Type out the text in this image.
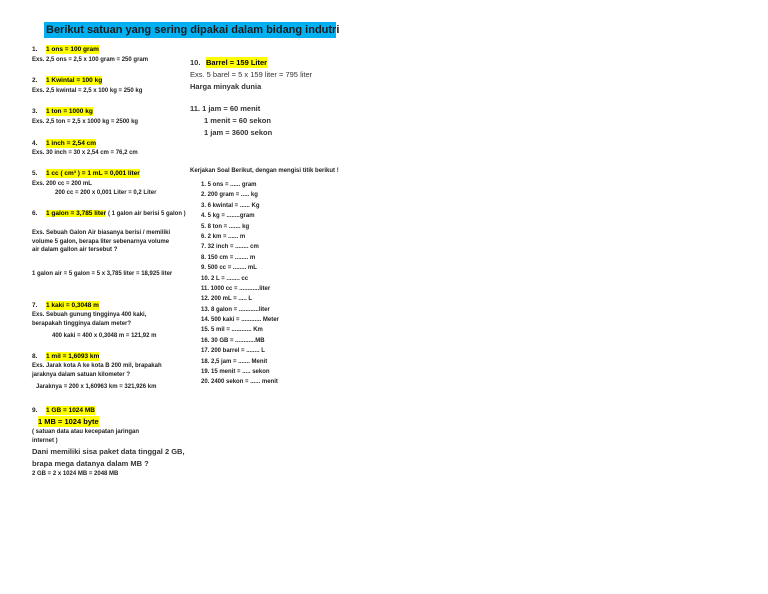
Berikut satuan yang sering dipakai dalam bidang indutri
1. 1 ons = 100 gram
Exs. 2,5 ons = 2,5 x 100 gram = 250 gram
2. 1 Kwintal = 100 kg
Exs. 2,5 kwintal = 2,5 x 100 kg = 250 kg
3. 1 ton = 1000 kg
Exs. 2,5 ton = 2,5 x 1000 kg = 2500 kg
4. 1 inch = 2,54 cm
Exs. 30 inch = 30 x 2,54 cm = 76,2 cm
5. 1 cc ( cm³ ) = 1 mL = 0,001 liter
Exs. 200 cc = 200 mL
200 cc = 200 x 0,001 Liter = 0,2 Liter
6. 1 galon = 3,785 liter ( 1 galon air berisi 5 galon )
Exs. Sebuah Galon Air biasanya berisi / memiliki volume 5 galon, berapa liter sebenarnya volume air dalam gallon air tersebut ?
1 galon air = 5 galon = 5 x 3,785 liter = 18,925 liter
7. 1 kaki = 0,3048 m
Exs. Sebuah gunung tingginya 400 kaki, berapakah tingginya dalam meter?
400 kaki = 400 x 0,3048 m = 121,92 m
8. 1 mil = 1,6093 km
Exs. Jarak kota A ke kota B 200 mil, brapakah jaraknya dalam satuan kilometer ?
Jaraknya = 200 x 1,60963 km = 321,926 km
9. 1 GB = 1024 MB
1 MB = 1024 byte
( satuan data atau kecepatan jaringan internet )
Dani memiliki sisa paket data tinggal 2 GB, brapa mega datanya dalam MB ?
2 GB = 2 x 1024 MB = 2048 MB
10. Barrel = 159 Liter
Exs. 5 barel = 5 x 159 liter = 795 liter
Harga minyak dunia
11. 1 jam = 60 menit
1 menit = 60 sekon
1 jam = 3600 sekon
Kerjakan Soal Berikut, dengan mengisi titik berikut !
1. 5 ons = ...... gram
2. 200 gram = ..... kg
3. 6 kwintal = ...... Kg
4. 5 kg = ........gram
5. 8 ton = ....... kg
6. 2 km = ...... m
7. 32 inch = ........ cm
8. 150 cm = ........ m
9. 500 cc = ........ mL
10. 2 L = ........ cc
11. 1000 cc = ............liter
12. 200 mL = ..... L
13. 8 galon = ............liter
14. 500 kaki = ............ Meter
15. 5 mil = ............ Km
16. 30 GB = ............MB
17. 200 barrel = ........ L
18. 2,5 jam = ....... Menit
19. 15 menit = ..... sekon
20. 2400 sekon = ...... menit
